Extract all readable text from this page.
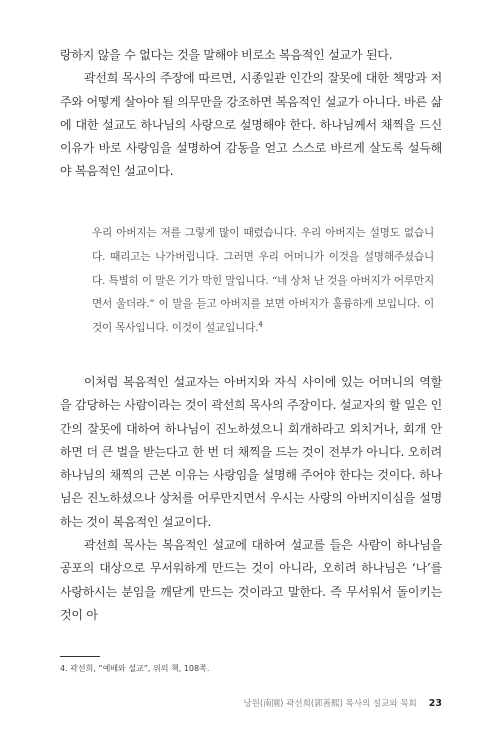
랑하지 않을 수 없다는 것을 말해야 비로소 복음적인 설교가 된다.

곽선희 목사의 주장에 따르면, 시종일관 인간의 잘못에 대한 책망과 저주와 어떻게 살아야 될 의무만을 강조하면 복음적인 설교가 아니다. 바른 삶에 대한 설교도 하나님의 사랑으로 설명해야 한다. 하나님께서 채찍을 드신 이유가 바로 사랑임을 설명하여 감동을 얻고 스스로 바르게 살도록 설득해야 복음적인 설교이다.

우리 아버지는 저를 그렇게 많이 때렸습니다. 우리 아버지는 설명도 없습니다. 때리고는 나가버립니다. 그러면 우리 어머니가 이것을 설명해주셨습니다. 특별히 이 말은 기가 막힌 말입니다. “네 상처 난 것을 아버지가 어루만지면서 울더라.” 이 말을 듣고 아버지를 보면 아버지가 훌륭하게 보입니다. 이것이 목사입니다. 이것이 설교입니다.$^4$

이처럼 복음적인 설교자는 아버지와 자식 사이에 있는 어머니의 역할을 감당하는 사람이라는 것이 곽선희 목사의 주장이다. 설교자의 할 일은 인간의 잘못에 대하여 하나님이 진노하셨으니 회개하라고 외치거나, 회개 안하면 더 큰 벌을 받는다고 한 번 더 채찍을 드는 것이 전부가 아니다. 오히려 하나님의 채찍의 근본 이유는 사랑임을 설명해 주어야 한다는 것이다. 하나님은 진노하셨으나 상처를 어루만지면서 우시는 사랑의 아버지이심을 설명하는 것이 복음적인 설교이다.

곽선희 목사는 복음적인 설교에 대하여 설교를 들은 사람이 하나님을 공포의 대상으로 무서워하게 만드는 것이 아니라, 오히려 하나님은 ‘나’를 사랑하시는 분임을 깨닫게 만드는 것이라고 말한다. 즉 무서워서 돌이키는 것이 아

4. 곽선희, “예배와 설교”, 위의 책, 108쪽.

낭원(南園) 곽선희(郭善熙) 목사의 설교와 목회 23
